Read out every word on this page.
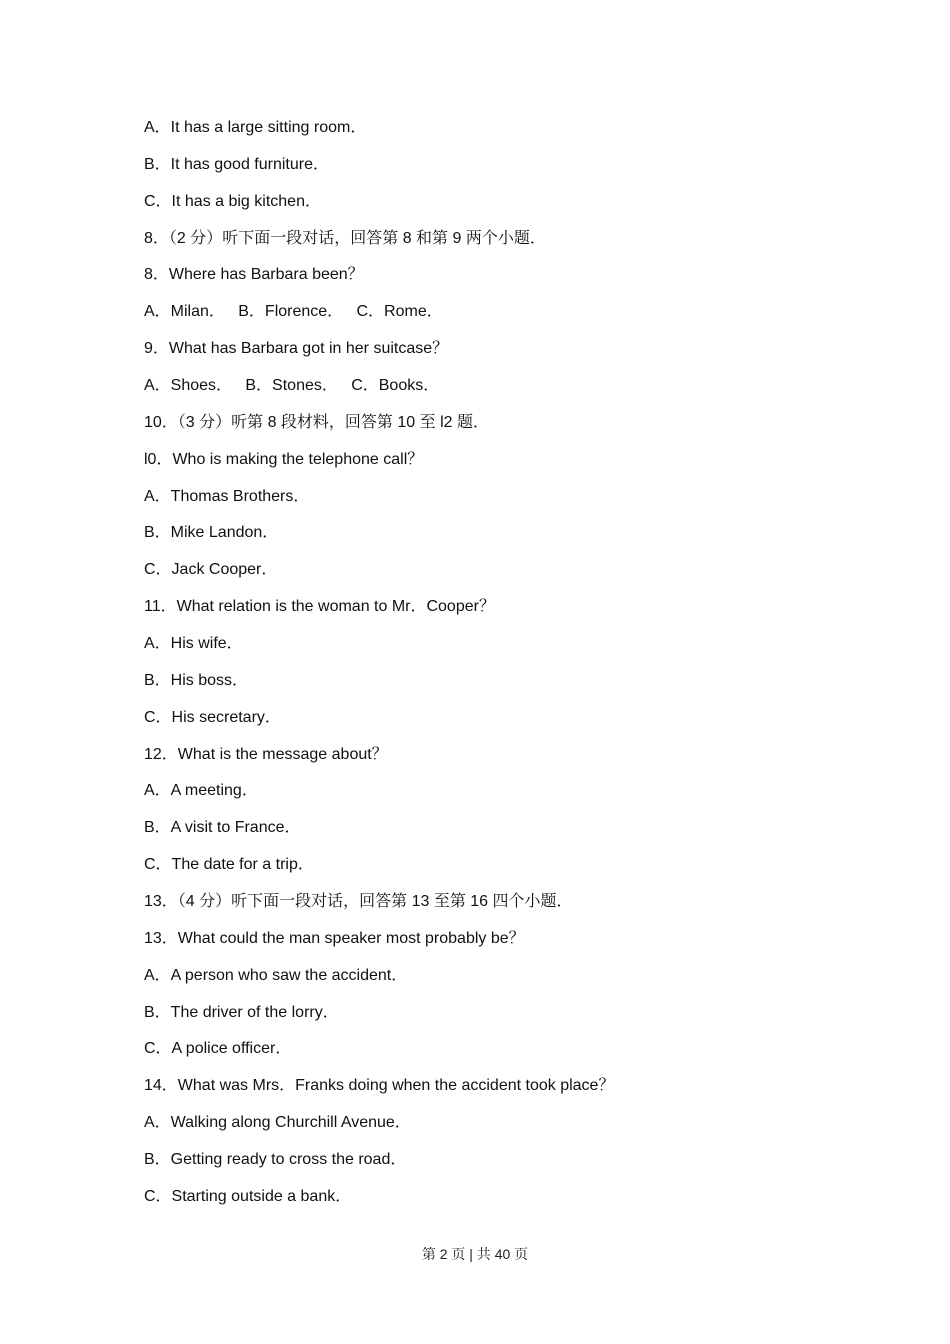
A．It has a large sitting room．
B．It has good furniture．
C．It has a big kitchen．
8．（2 分）听下面一段对话，回答第 8 和第 9 两个小题．
8．Where has Barbara been？
A．Milan．   B．Florence．   C．Rome．
9．What has Barbara got in her suitcase？
A．Shoes．   B．Stones．   C．Books．
10．（3 分）听第 8 段材料，回答第 10 至 l2 题．
l0．Who is making the telephone call？
A．Thomas Brothers．
B．Mike Landon．
C．Jack Cooper．
11．What relation is the woman to Mr．Cooper？
A．His wife．
B．His boss．
C．His secretary．
12．What is the message about？
A．A meeting．
B．A visit to France．
C．The date for a trip．
13．（4 分）听下面一段对话，回答第 13 至第 16 四个小题．
13．What could the man speaker most probably be？
A．A person who saw the accident．
B．The driver of the lorry．
C．A police officer．
14．What was Mrs．Franks doing when the accident took place？
A．Walking along Churchill Avenue．
B．Getting ready to cross the road．
C．Starting outside a bank．
第 2 页 | 共 40 页
